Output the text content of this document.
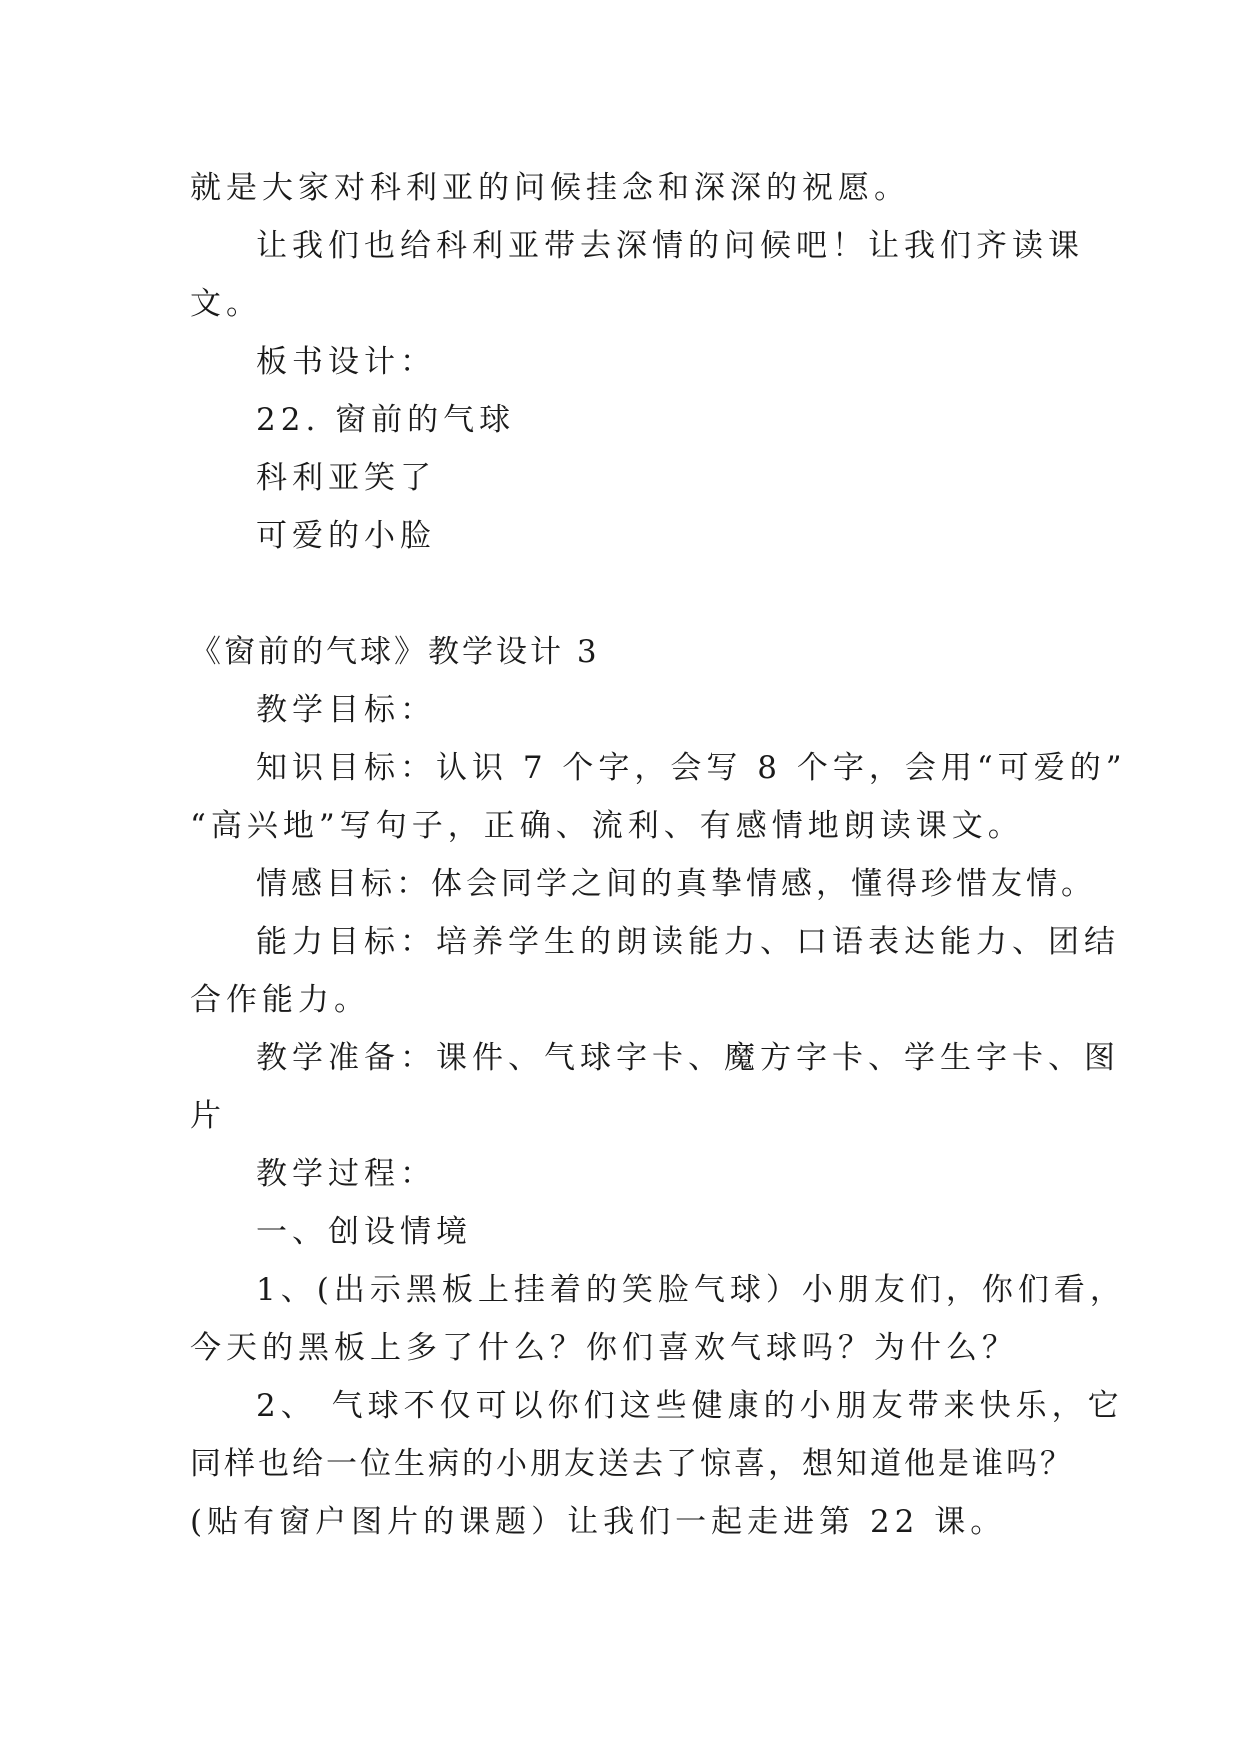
就是大家对科利亚的问候挂念和深深的祝愿。
让我们也给科利亚带去深情的问候吧！让我们齐读课
文。
板书设计：
22. 窗前的气球
科利亚笑了
可爱的小脸
《窗前的气球》教学设计 3
教学目标：
知识目标：认识 7 个字，会写 8 个字，会用“可爱的”
“高兴地”写句子，正确、流利、有感情地朗读课文。
情感目标：体会同学之间的真挚情感，懂得珍惜友情。
能力目标：培养学生的朗读能力、口语表达能力、团结
合作能力。
教学准备：课件、气球字卡、魔方字卡、学生字卡、图
片
教学过程：
一、创设情境
1、(出示黑板上挂着的笑脸气球）小朋友们，你们看，
今天的黑板上多了什么？你们喜欢气球吗？为什么？
2、 气球不仅可以你们这些健康的小朋友带来快乐，它
同样也给一位生病的小朋友送去了惊喜，想知道他是谁吗？
(贴有窗户图片的课题）让我们一起走进第 22 课。
